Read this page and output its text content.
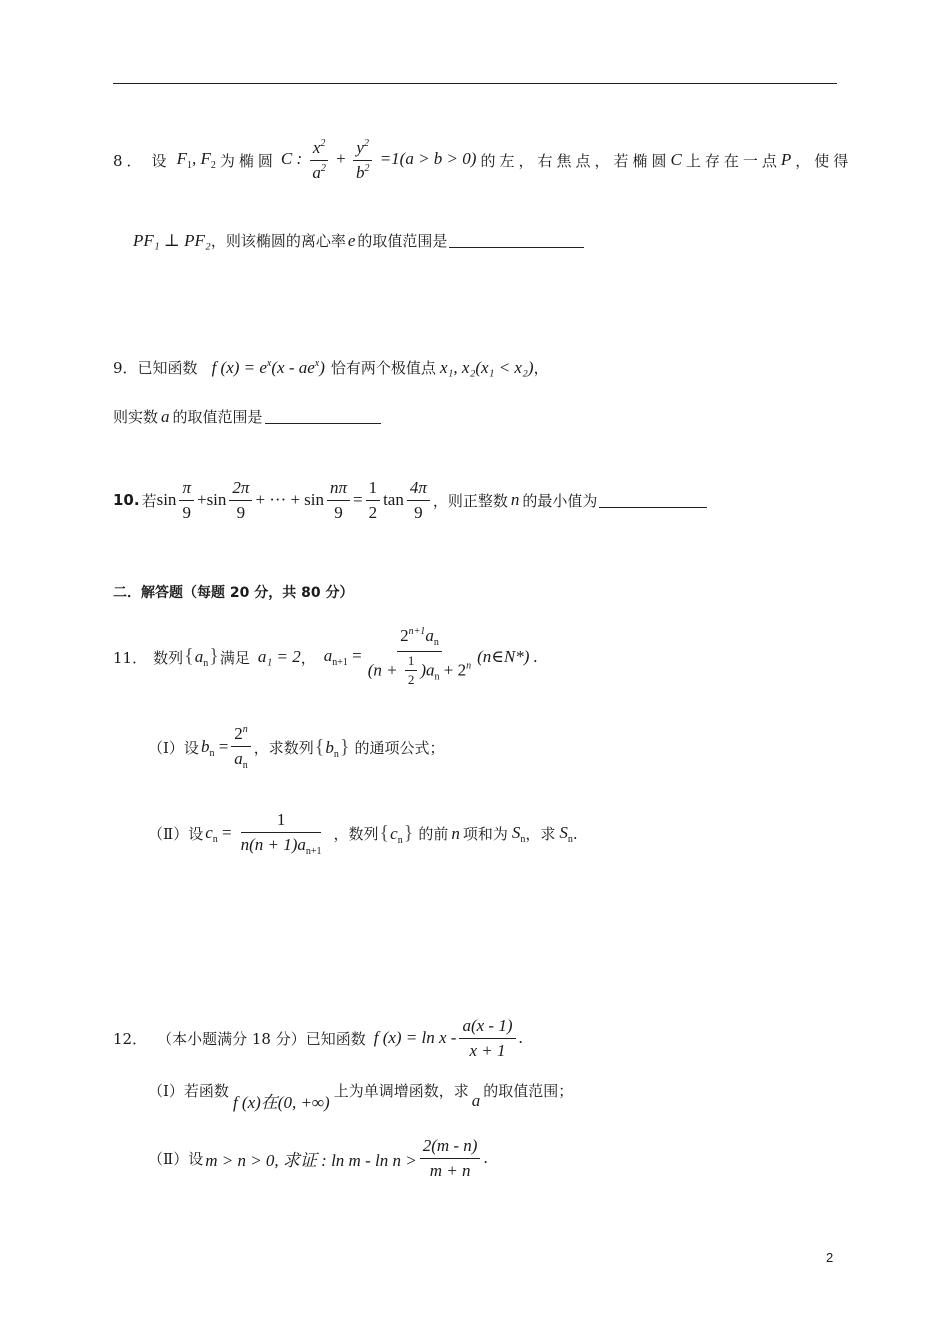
8． 设 $F_1$, $F_2$ 为椭圆 C : $\frac{x^2}{a^2} + \frac{y^2}{b^2} =1(a > b > 0)$ 的左，右焦点，若椭圆 C 上存在一点 P ，使得
PF₁ ⊥ PF₂ ，则该椭圆的离心率 e 的取值范围是
9． 已知函数 f $(x) = e^x(x - ae^x)$ 恰有两个极值点 x₁, x₂(x₁ < x₂) ，
则实数 a 的取值范围是
10. 若 $\sin \frac{\pi}{9} + \sin \frac{2\pi}{9}$ + ··· + $\sin \frac{n\pi}{9} = \frac{1}{2}$ $\tan \frac{4\pi}{9}$ ，则正整数 n 的最小值为
二．解答题（每题 20 分，共 80 分）
11． 数列 $\{a_n\}$ 满足 a₁ = 2 ， $a_{n+1} = \frac{2^{n+1}a_n}{(n + \frac{1}{2} )a_n + 2^n}$ (n∈N*) .
（Ⅰ）设 $b_n = \frac{2^n}{a_n}$ ，求数列 $\{b_n\}$ 的通项公式；
（Ⅱ）设 $c_n = \frac{1}{n(n + 1)a_{n+1}}$ ，数列 $\{c_n\}$ 的前 n 项和为 $S_n$ ，求 $S_n$ .
12． （本小题满分 18 分）已知函数 f $(x) = \ln x - \frac{a(x - 1)}{x + 1}$ .
（Ⅰ）若函数
f (x)在(0, +∞)
上为单调增函数，求 a 的取值范围；
（Ⅱ）设 m > n > 0, 求证 : $\ln m - \ln n > \frac{2(m - n)}{m + n}$ .
2
